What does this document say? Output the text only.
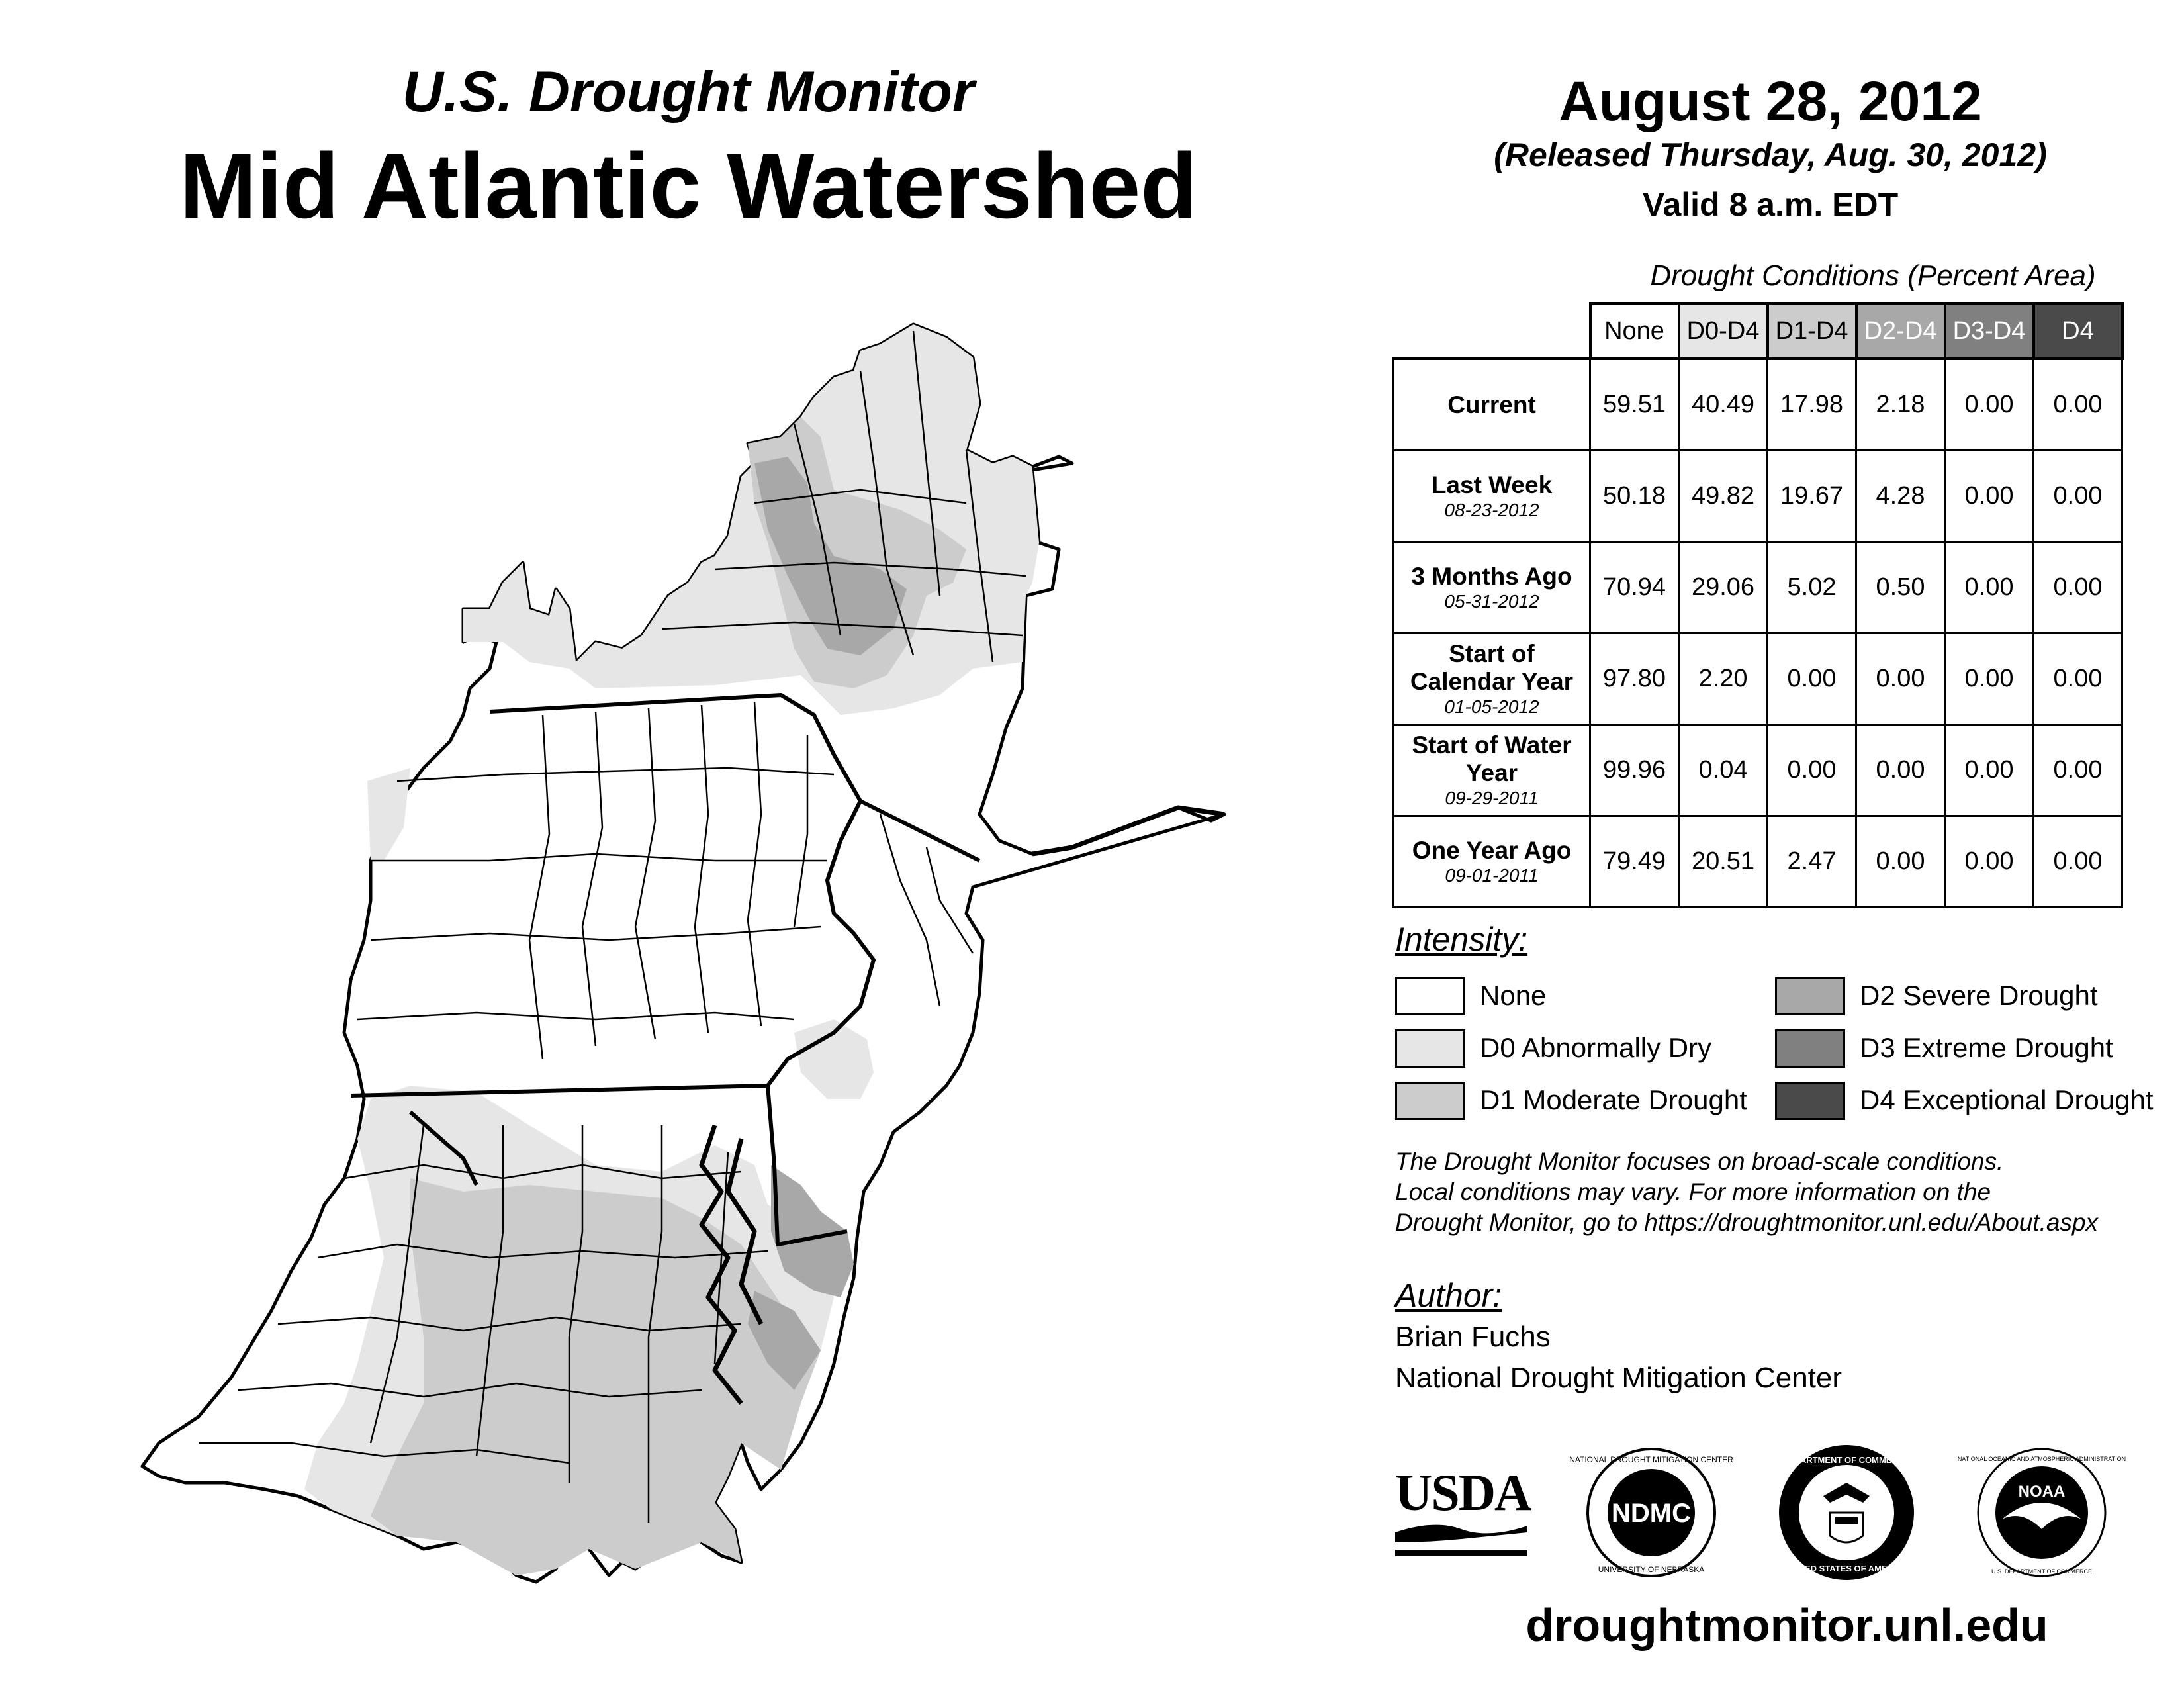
U.S. Drought Monitor
Mid Atlantic Watershed
August 28, 2012
(Released Thursday, Aug. 30, 2012)
Valid 8 a.m. EDT
Drought Conditions (Percent Area)
	None	D0-D4	D1-D4	D2-D4	D3-D4	D4
Current	59.51	40.49	17.98	2.18	0.00	0.00
Last Week
08-23-2012	50.18	49.82	19.67	4.28	0.00	0.00
3 Months Ago
05-31-2012	70.94	29.06	5.02	0.50	0.00	0.00
Start of Calendar Year
01-05-2012	97.80	2.20	0.00	0.00	0.00	0.00
Start of Water Year
09-29-2011	99.96	0.04	0.00	0.00	0.00	0.00
One Year Ago
09-01-2011	79.49	20.51	2.47	0.00	0.00	0.00
Intensity:
None
D0 Abnormally Dry
D1 Moderate Drought
D2 Severe Drought
D3 Extreme Drought
D4 Exceptional Drought
The Drought Monitor focuses on broad-scale conditions.
Local conditions may vary. For more information on the
Drought Monitor, go to https://droughtmonitor.unl.edu/About.aspx
Author:
Brian Fuchs
National Drought Mitigation Center
USDA
NATIONAL DROUGHT MITIGATION CENTER
UNIVERSITY OF NEBRASKA
NDMC
DEPARTMENT OF COMMERCE
UNITED STATES OF AMERICA
NATIONAL OCEANIC AND ATMOSPHERIC ADMINISTRATION
U.S. DEPARTMENT OF COMMERCE
NOAA
droughtmonitor.unl.edu
